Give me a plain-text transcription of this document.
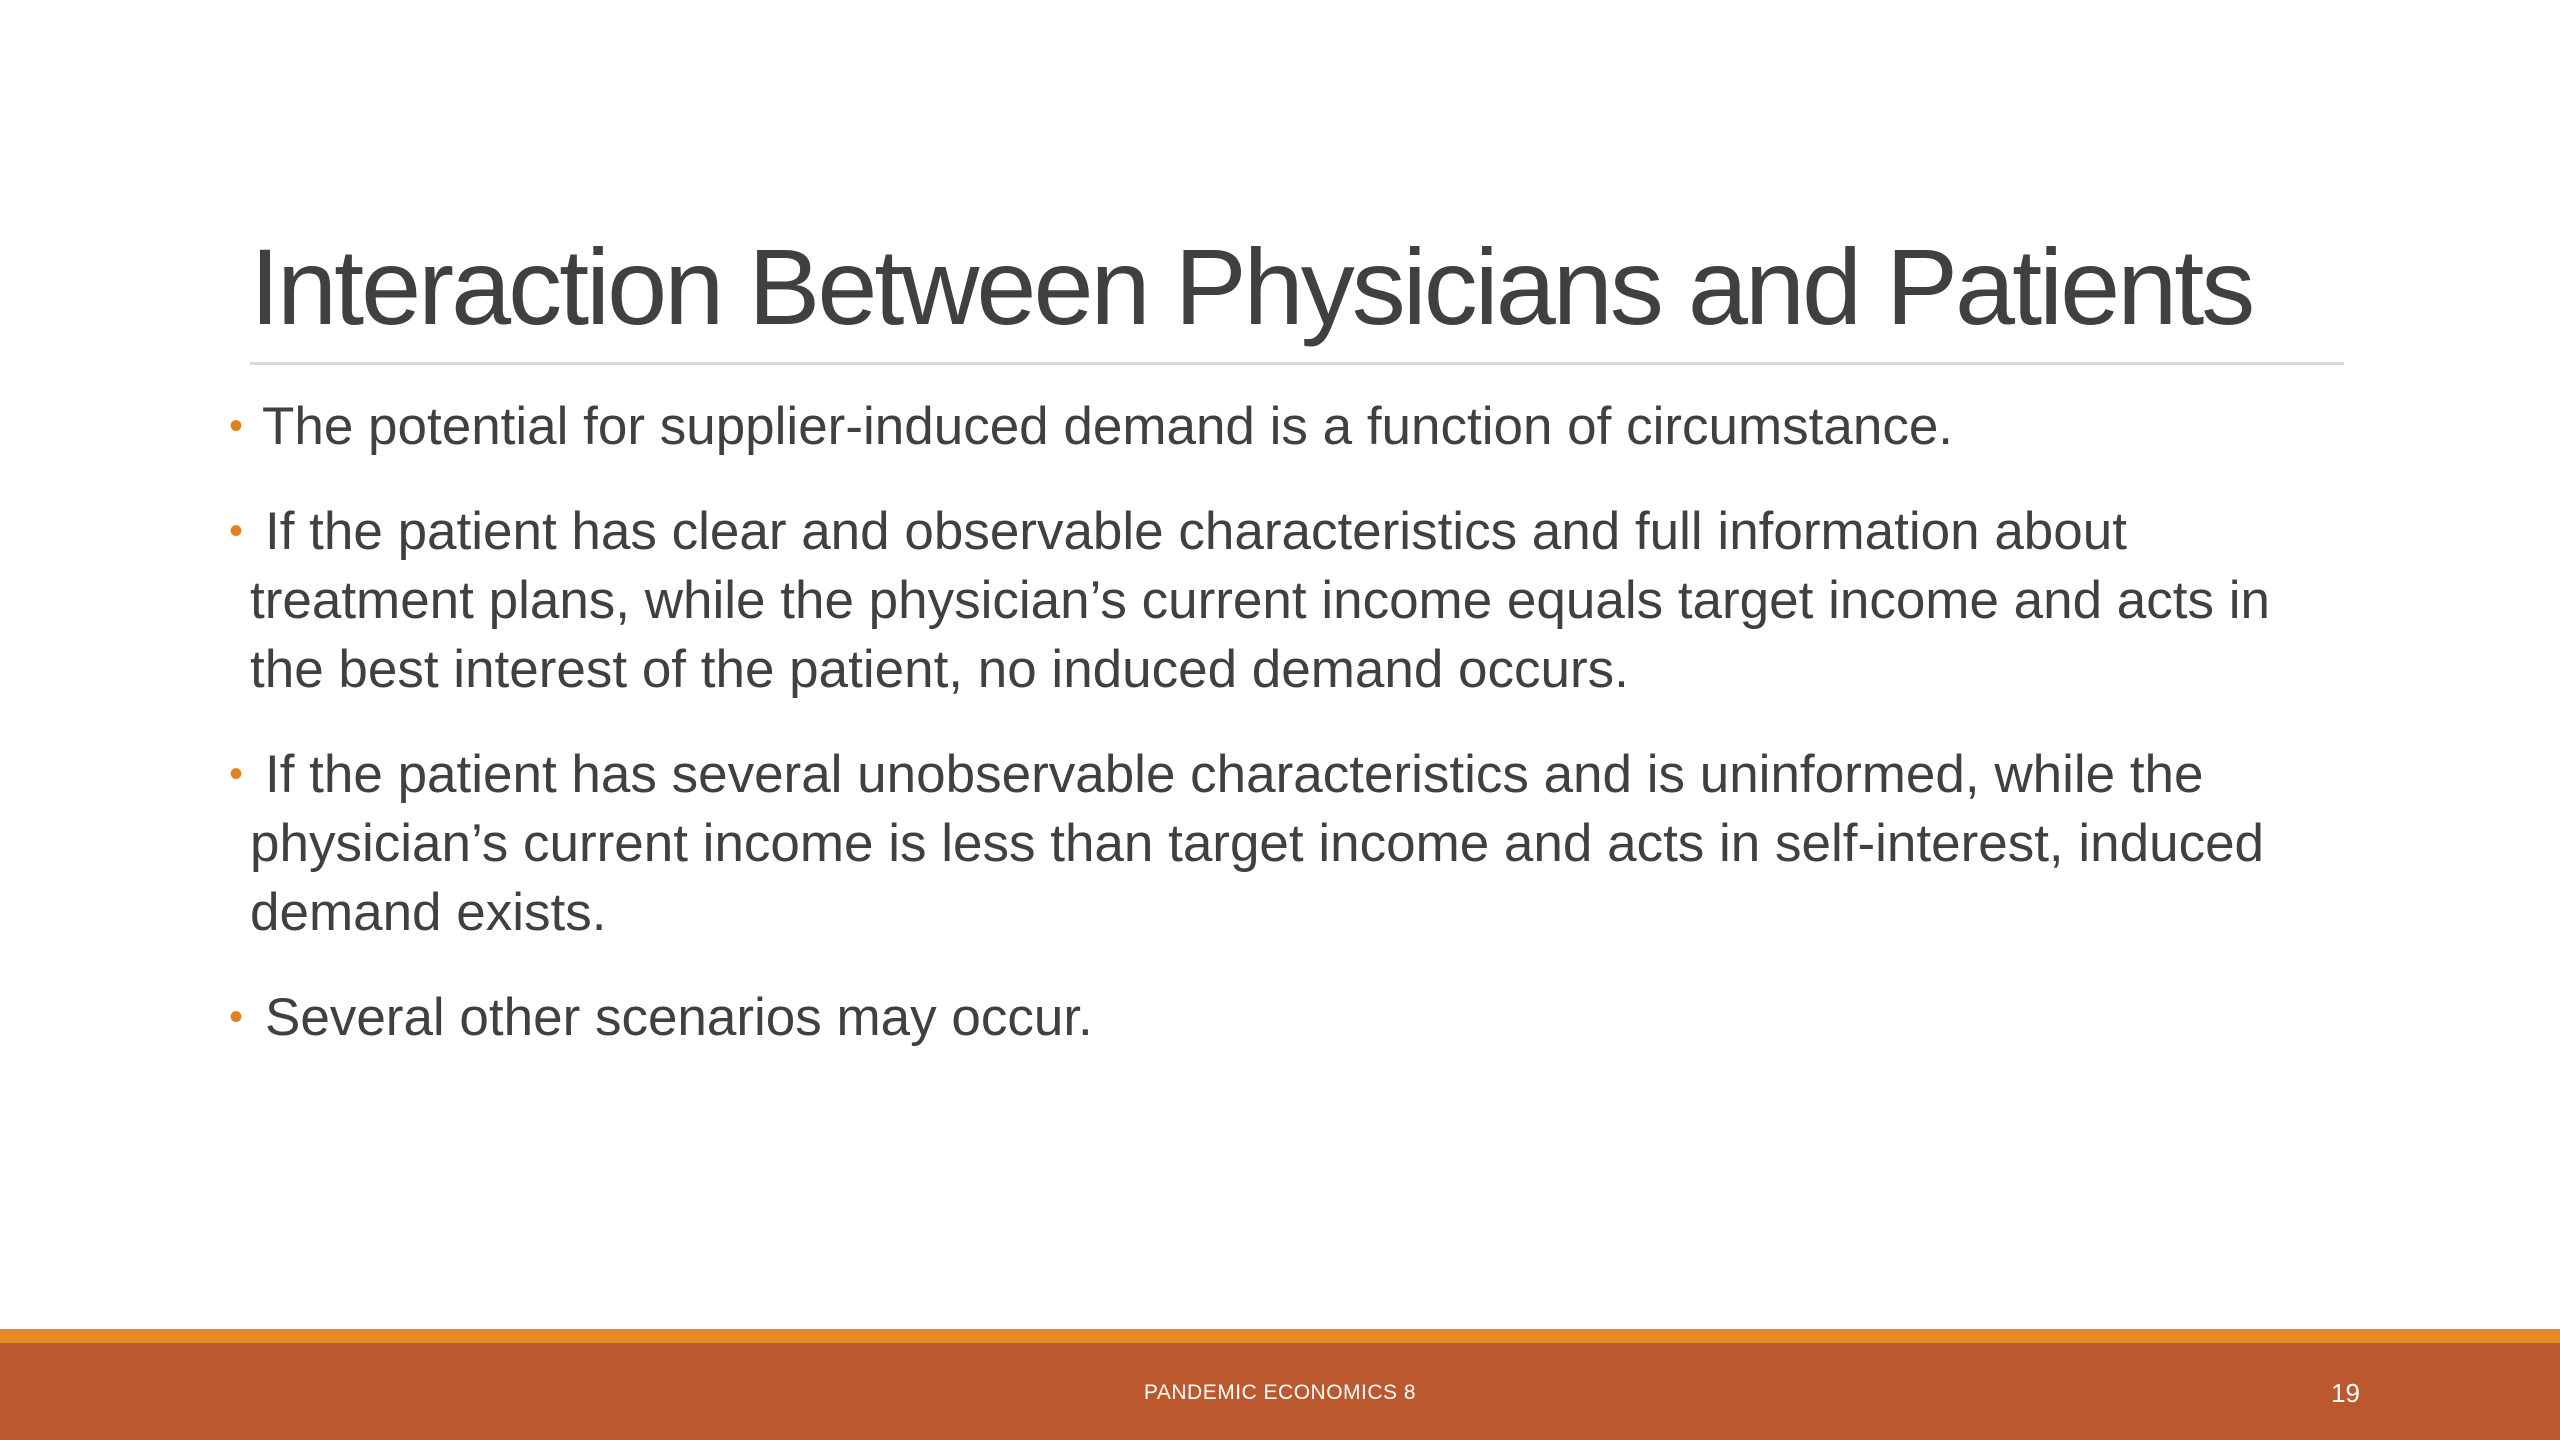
Interaction Between Physicians and Patients
• The potential for supplier-induced demand is a function of circumstance.
• If the patient has clear and observable characteristics and full information about treatment plans, while the physician’s current income equals target income and acts in the best interest of the patient, no induced demand occurs.
• If the patient has several unobservable characteristics and is uninformed, while the physician’s current income is less than target income and acts in self-interest, induced demand exists.
• Several other scenarios may occur.
PANDEMIC ECONOMICS 8	19
